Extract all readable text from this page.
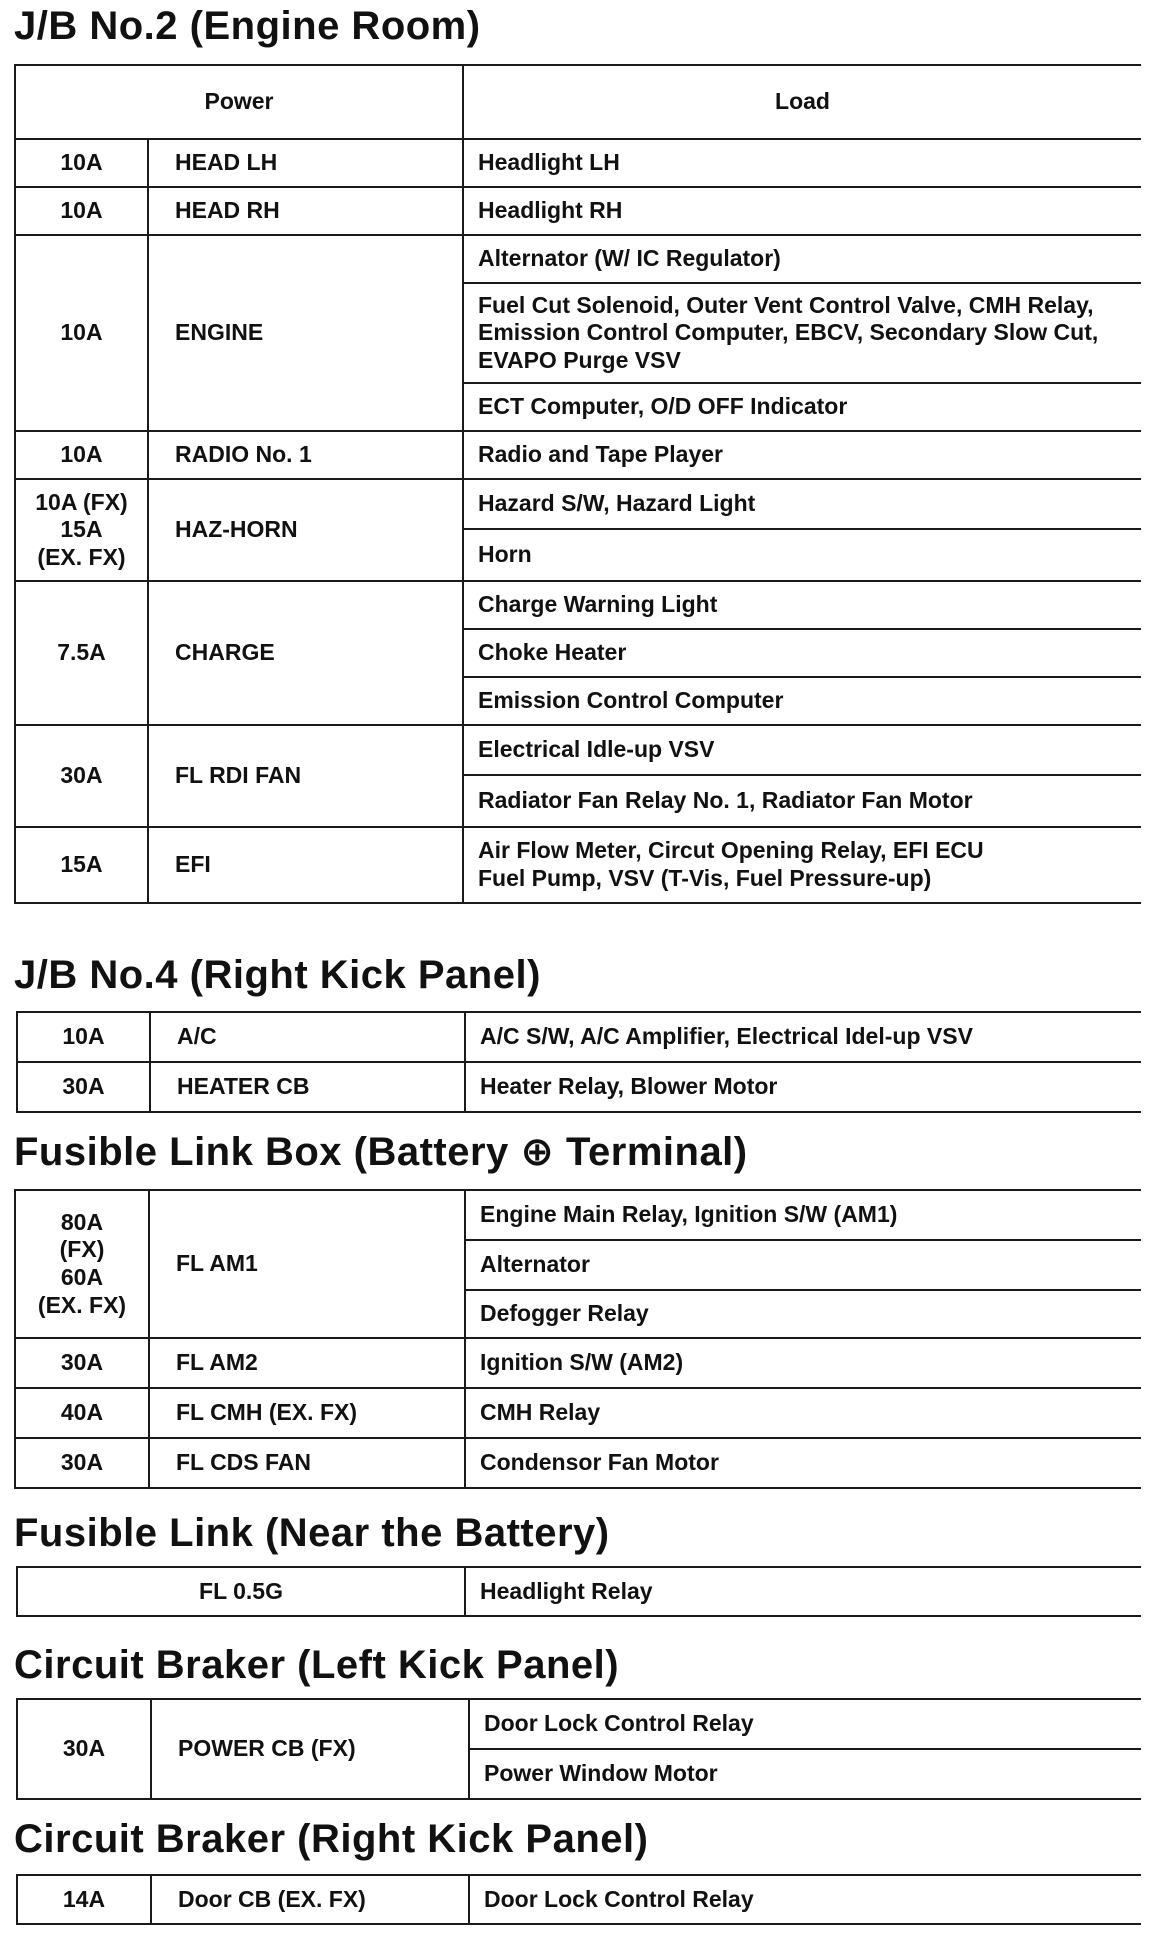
J/B No.2 (Engine Room)
Power		Load
10A	HEAD LH	Headlight LH
10A	HEAD RH	Headlight RH
10A	ENGINE	Alternator (W/ IC Regulator)
		Fuel Cut Solenoid, Outer Vent Control Valve, CMH Relay,
Emission Control Computer, EBCV, Secondary Slow Cut,
EVAPO Purge VSV
		ECT Computer, O/D OFF Indicator
10A	RADIO No. 1	Radio and Tape Player
10A (FX)
15A
(EX. FX)	HAZ-HORN	Hazard S/W, Hazard Light
		Horn
7.5A	CHARGE	Charge Warning Light
		Choke Heater
		Emission Control Computer
30A	FL RDI FAN	Electrical Idle-up VSV
		Radiator Fan Relay No. 1, Radiator Fan Motor
15A	EFI	Air Flow Meter, Circut Opening Relay, EFI ECU
Fuel Pump, VSV (T-Vis, Fuel Pressure-up)
J/B No.4 (Right Kick Panel)
10A	A/C	A/C S/W, A/C Amplifier, Electrical Idel-up VSV
30A	HEATER CB	Heater Relay, Blower Motor
Fusible Link Box (Battery ⊕ Terminal)
80A
(FX)
60A
(EX. FX)	FL AM1	Engine Main Relay, Ignition S/W (AM1)
		Alternator
		Defogger Relay
30A	FL AM2	Ignition S/W (AM2)
40A	FL CMH (EX. FX)	CMH Relay
30A	FL CDS FAN	Condensor Fan Motor
Fusible Link (Near the Battery)
FL 0.5G	Headlight Relay
Circuit Braker (Left Kick Panel)
30A	POWER CB (FX)	Door Lock Control Relay
Power Window Motor
Circuit Braker (Right Kick Panel)
14A	Door CB (EX. FX)	Door Lock Control Relay
